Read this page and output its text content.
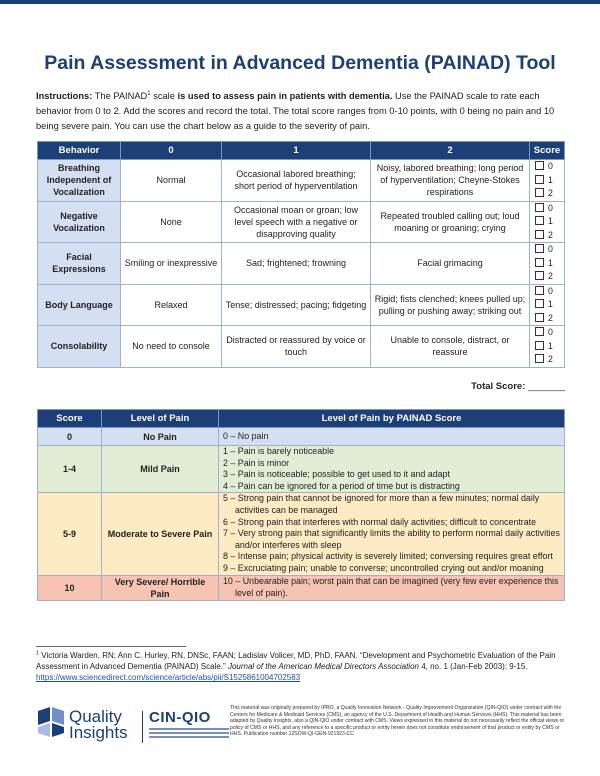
Pain Assessment in Advanced Dementia (PAINAD) Tool
Instructions: The PAINAD$^1$ scale is used to assess pain in patients with dementia. Use the PAINAD scale to rate each behavior from 0 to 2. Add the scores and record the total. The total score ranges from 0-10 points, with 0 being no pain and 10 being severe pain. You can use the chart below as a guide to the severity of pain.
Behavior	0	1	2	Score
Breathing Independent of Vocalization	Normal	Occasional labored breathing; short period of hyperventilation	Noisy, labored breathing; long period of hyperventilation; Cheyne-Stokes respirations	0
1
2

Negative Vocalization	None	Occasional moan or groan; low level speech with a negative or disapproving quality	Repeated troubled calling out; loud moaning or groaning; crying	0
1
2

Facial Expressions	Smiling or inexpressive	Sad; frightened; frowning	Facial grimacing	0
1
2

Body Language	Relaxed	Tense; distressed; pacing; fidgeting	Rigid; fists clenched; knees pulled up; pulling or pushing away; striking out	0
1
2

Consolability	No need to console	Distracted or reassured by voice or touch	Unable to console, distract, or reassure	0
1
2
Total Score: _______
Score	Level of Pain	Level of Pain by PAINAD Score
0	No Pain	0 – No pain

1-4	Mild Pain	1 – Pain is barely noticeable
2 – Pain is minor
3 – Pain is noticeable; possible to get used to it and adapt
4 – Pain can be ignored for a period of time but is distracting

5-9	Moderate to Severe Pain	5 – Strong pain that cannot be ignored for more than a few minutes; normal daily activities can be managed
6 – Strong pain that interferes with normal daily activities; difficult to concentrate
7 – Very strong pain that significantly limits the ability to perform normal daily activities and/or interferes with sleep
8 – Intense pain; physical activity is severely limited; conversing requires great effort
9 – Excruciating pain; unable to converse; uncontrolled crying out and/or moaning

10	Very Severe/ Horrible Pain	10 – Unbearable pain; worst pain that can be imagined (very few ever experience this level of pain).
$^1$ Victoria Warden, RN; Ann C. Hurley, RN, DNSc, FAAN; Ladislav Volicer, MD, PhD, FAAN. “Development and Psychometric Evaluation of the Pain Assessment in Advanced Dementia (PAINAD) Scale.” Journal of the American Medical Directors Association 4, no. 1 (Jan-Feb 2003): 9-15.
https://www.sciencedirect.com/science/article/abs/pii/S1525861004702583
Quality
Insights
CIN-QIO
This material was originally prepared by IPRO, a Quality Innovation Network - Quality Improvement Organization (QIN-QIO) under contract with the Centers for Medicare & Medicaid Services (CMS), an agency of the U.S. Department of Health and Human Services (HHS). This material has been adapted by Quality Insights, also a QIN-QIO under contract with CMS. Views expressed in this material do not necessarily reflect the official views or policy of CMS or HHS, and any reference to a specific product or entity herein does not constitute endorsement of that product or entity by CMS or HHS. Publication number 12SOW-QI-GEN-021923-CC
